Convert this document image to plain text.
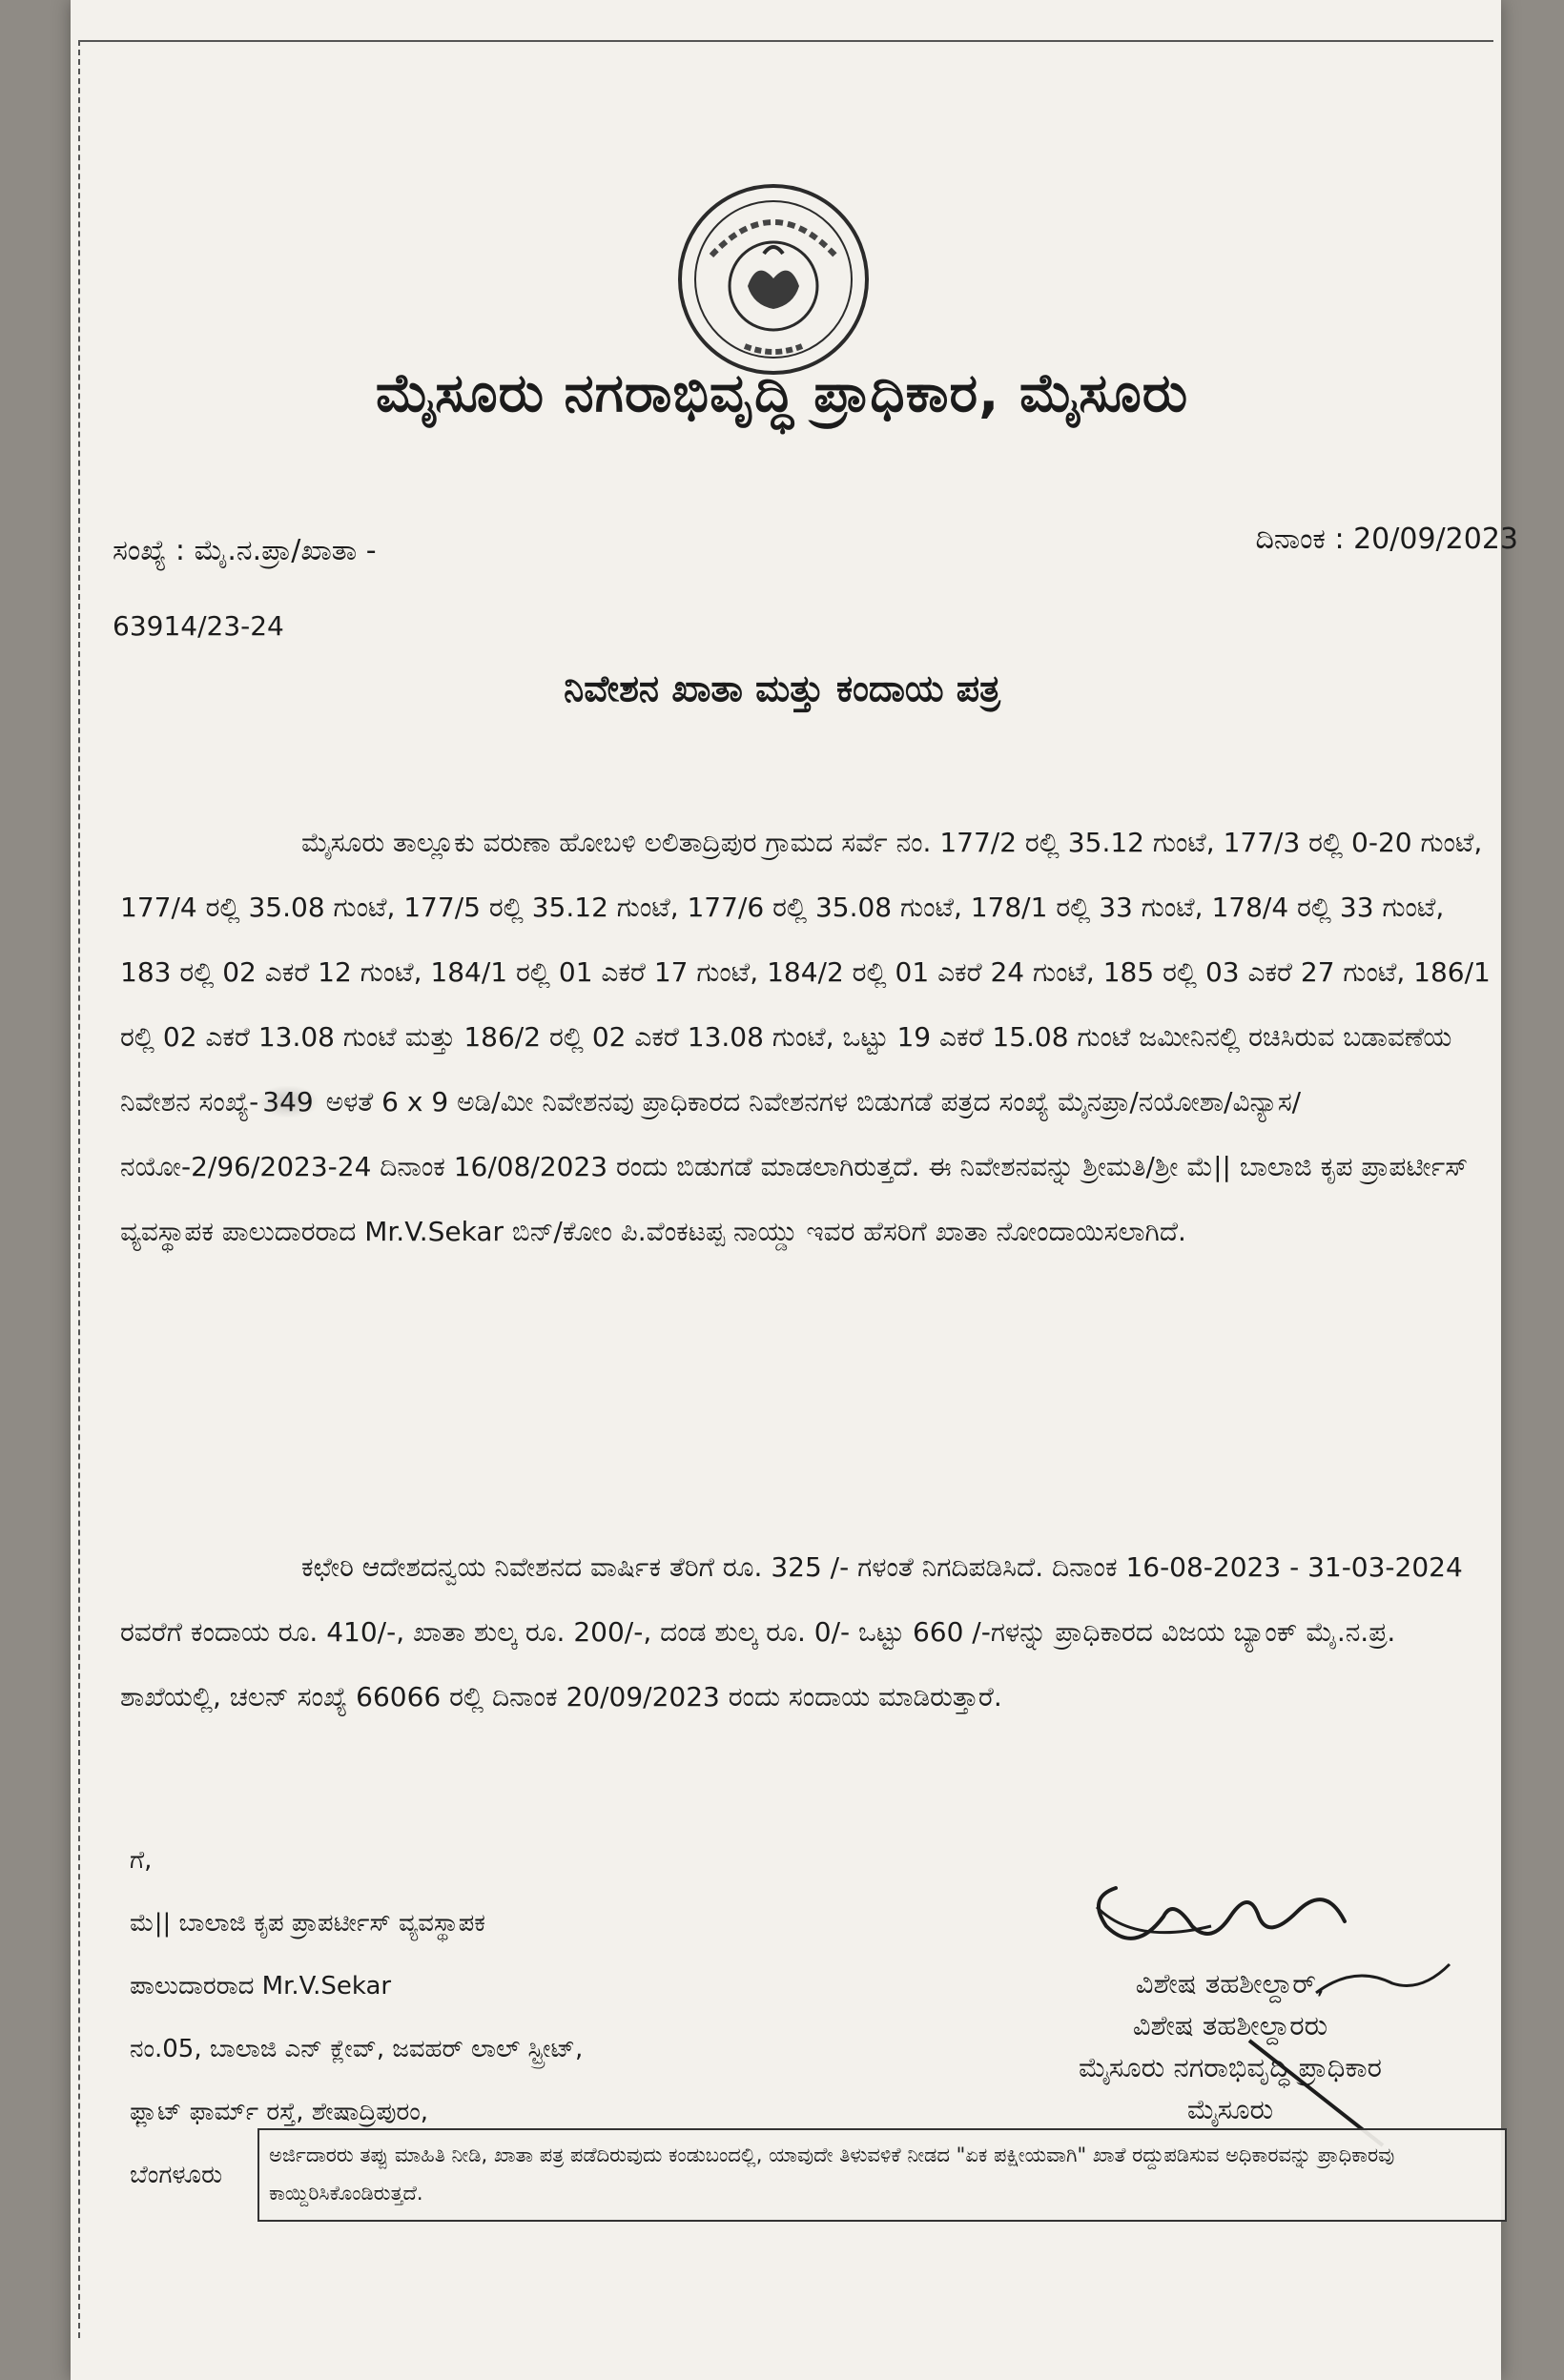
ಮೈಸೂರು ನಗರಾಭಿವೃದ್ಧಿ ಪ್ರಾಧಿಕಾರ, ಮೈಸೂರು
ಸಂಖ್ಯೆ : ಮೈ.ನ.ಪ್ರಾ/ಖಾತಾ -
63914/23-24
ದಿನಾಂಕ : 20/09/2023
ನಿವೇಶನ ಖಾತಾ ಮತ್ತು ಕಂದಾಯ ಪತ್ರ

ಮೈಸೂರು ತಾಲ್ಲೂಕು ವರುಣಾ ಹೋಬಳಿ ಲಲಿತಾದ್ರಿಪುರ ಗ್ರಾಮದ ಸರ್ವೆ ನಂ. 177/2 ರಲ್ಲಿ 35.12 ಗುಂಟೆ, 177/3 ರಲ್ಲಿ 0-20 ಗುಂಟೆ, 177/4 ರಲ್ಲಿ 35.08 ಗುಂಟೆ, 177/5 ರಲ್ಲಿ 35.12 ಗುಂಟೆ, 177/6 ರಲ್ಲಿ 35.08 ಗುಂಟೆ, 178/1 ರಲ್ಲಿ 33 ಗುಂಟೆ, 178/4 ರಲ್ಲಿ 33 ಗುಂಟೆ, 183 ರಲ್ಲಿ 02 ಎಕರೆ 12 ಗುಂಟೆ, 184/1 ರಲ್ಲಿ 01 ಎಕರೆ 17 ಗುಂಟೆ, 184/2 ರಲ್ಲಿ 01 ಎಕರೆ 24 ಗುಂಟೆ, 185 ರಲ್ಲಿ 03 ಎಕರೆ 27 ಗುಂಟೆ, 186/1 ರಲ್ಲಿ 02 ಎಕರೆ 13.08 ಗುಂಟೆ ಮತ್ತು 186/2 ರಲ್ಲಿ 02 ಎಕರೆ 13.08 ಗುಂಟೆ, ಒಟ್ಟು 19 ಎಕರೆ 15.08 ಗುಂಟೆ ಜಮೀನಿನಲ್ಲಿ ರಚಿಸಿರುವ ಬಡಾವಣೆಯ ನಿವೇಶನ ಸಂಖ್ಯೆ- 349 ಅಳತೆ 6 x 9 ಅಡಿ/ಮೀ ನಿವೇಶನವು ಪ್ರಾಧಿಕಾರದ ನಿವೇಶನಗಳ ಬಿಡುಗಡೆ ಪತ್ರದ ಸಂಖ್ಯೆ ಮೈನಪ್ರಾ/ನಯೋಶಾ/ವಿನ್ಯಾಸ/ನಯೋ-2/96/2023-24 ದಿನಾಂಕ 16/08/2023 ರಂದು ಬಿಡುಗಡೆ ಮಾಡಲಾಗಿರುತ್ತದೆ. ಈ ನಿವೇಶನವನ್ನು ಶ್ರೀಮತಿ/ಶ್ರೀ ಮೆ|| ಬಾಲಾಜಿ ಕೃಪ ಪ್ರಾಪರ್ಟೀಸ್ ವ್ಯವಸ್ಥಾಪಕ ಪಾಲುದಾರರಾದ Mr.V.Sekar ಬಿನ್/ಕೋಂ ಪಿ.ವೆಂಕಟಪ್ಪ ನಾಯ್ಡು ಇವರ ಹೆಸರಿಗೆ ಖಾತಾ ನೋಂದಾಯಿಸಲಾಗಿದೆ.

ಕಛೇರಿ ಆದೇಶದನ್ವಯ ನಿವೇಶನದ ವಾರ್ಷಿಕ ತೆರಿಗೆ ರೂ. 325 /- ಗಳಂತೆ ನಿಗದಿಪಡಿಸಿದೆ. ದಿನಾಂಕ 16-08-2023 - 31-03-2024 ರವರೆಗೆ ಕಂದಾಯ ರೂ. 410/-, ಖಾತಾ ಶುಲ್ಕ ರೂ. 200/-, ದಂಡ ಶುಲ್ಕ ರೂ. 0/- ಒಟ್ಟು 660 /-ಗಳನ್ನು ಪ್ರಾಧಿಕಾರದ ವಿಜಯ ಬ್ಯಾಂಕ್ ಮೈ.ನ.ಪ್ರ. ಶಾಖೆಯಲ್ಲಿ, ಚಲನ್ ಸಂಖ್ಯೆ 66066 ರಲ್ಲಿ ದಿನಾಂಕ 20/09/2023 ರಂದು ಸಂದಾಯ ಮಾಡಿರುತ್ತಾರೆ.

ಗೆ,
ಮೆ|| ಬಾಲಾಜಿ ಕೃಪ ಪ್ರಾಪರ್ಟೀಸ್ ವ್ಯವಸ್ಥಾಪಕ
ಪಾಲುದಾರರಾದ Mr.V.Sekar
ನಂ.05, ಬಾಲಾಜಿ ಎನ್ ಕ್ಲೇವ್, ಜವಹರ್ ಲಾಲ್ ಸ್ಟ್ರೀಟ್,
ಫ್ಲಾಟ್ ಫಾರ್ಮ್ ರಸ್ತೆ, ಶೇಷಾದ್ರಿಪುರಂ,
ಬೆಂಗಳೂರು
ವಿಶೇಷ ತಹಶೀಲ್ದಾರ್,
ವಿಶೇಷ ತಹಶೀಲ್ದಾರರು
ಮೈಸೂರು ನಗರಾಭಿವೃದ್ಧಿ ಪ್ರಾಧಿಕಾರ
ಮೈಸೂರು
ಅರ್ಜಿದಾರರು ತಪ್ಪು ಮಾಹಿತಿ ನೀಡಿ, ಖಾತಾ ಪತ್ರ ಪಡೆದಿರುವುದು ಕಂಡುಬಂದಲ್ಲಿ, ಯಾವುದೇ ತಿಳುವಳಿಕೆ ನೀಡದ "ಏಕ ಪಕ್ಷೀಯವಾಗಿ" ಖಾತೆ ರದ್ದುಪಡಿಸುವ ಅಧಿಕಾರವನ್ನು ಪ್ರಾಧಿಕಾರವು ಕಾಯ್ದಿರಿಸಿಕೊಂಡಿರುತ್ತದೆ.
